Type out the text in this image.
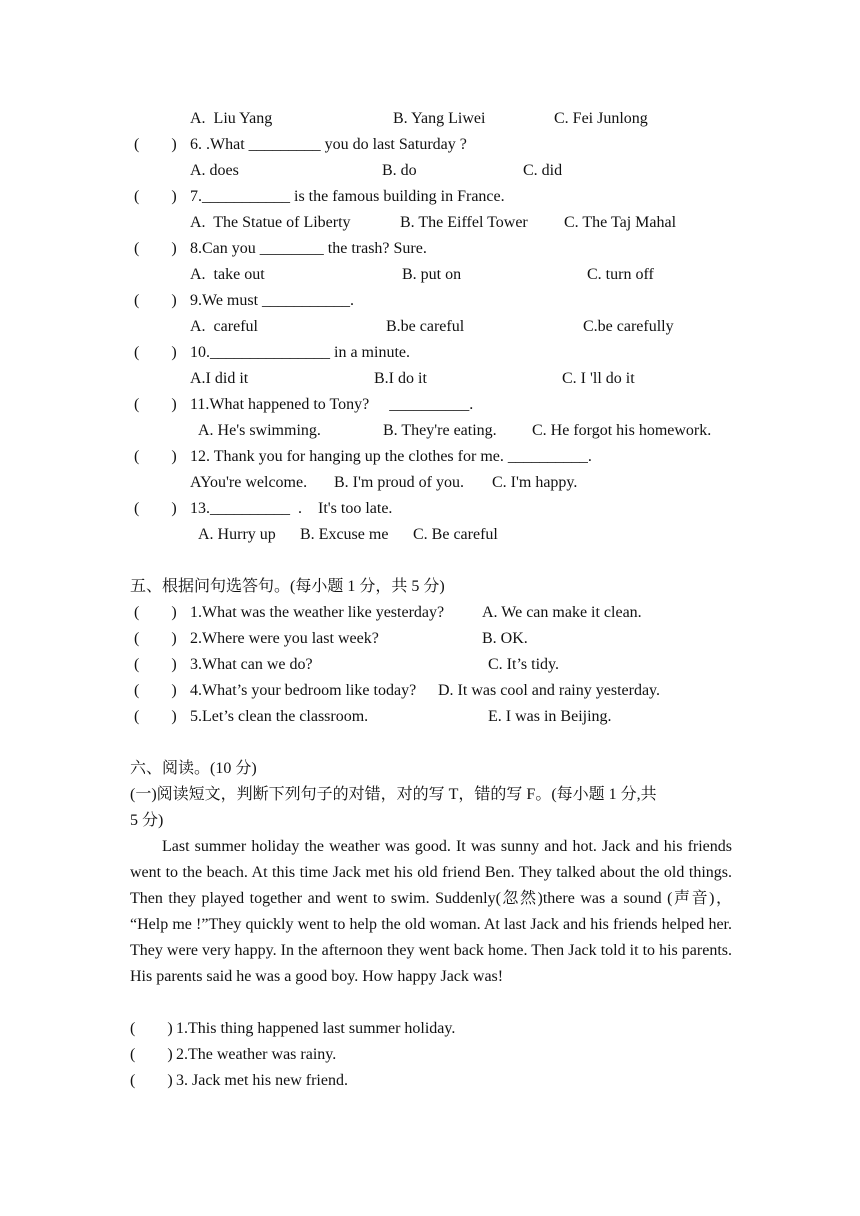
A.  Liu Yang	B. Yang Liwei	C. Fei Junlong
(        ) 6. .What _________ you do last Saturday ?
A. does	B. do	C. did
(        ) 7.___________ is the famous building in France.
A.  The Statue of Liberty	B. The Eiffel Tower C. The Taj Mahal
(        ) 8.Can you ________ the trash? Sure.
A.  take out	B. put on	C. turn off
(        ) 9.We must ___________.
A.  careful	B.be careful	C.be carefully
(        ) 10._______________ in a minute.
A.I did it	B.I do it	C. I 'll do it
(        ) 11.What happened to Tony?     __________.
A. He's swimming.	B. They're eating. C. He forgot his homework.
(        ) 12. Thank you for hanging up the clothes for me. __________.
AYou're welcome. B. I'm proud of you. C. I'm happy.
(        ) 13.__________  .    It's too late.
A. Hurry up B. Excuse me C. Be careful
五、根据问句选答句。(每小题 1 分，共 5 分)
(        ) 1.What was the weather like yesterday? A. We can make it clean.
(        ) 2.Where were you last week?	B. OK.
(        ) 3.What can we do?	C. It’s tidy.
(        ) 4.What’s your bedroom like today? D. It was cool and rainy yesterday.
(        ) 5.Let’s clean the classroom.	E. I was in Beijing.
六、阅读。(10 分)
(一)阅读短文，判断下列句子的对错，对的写 T，错的写 F。(每小题 1 分,共
5 分)
Last summer holiday the weather was good. It was sunny and hot. Jack and his friends went to the beach. At this time Jack met his old friend Ben. They talked about the old things. Then they played together and went to swim. Suddenly(忽然)there was a sound (声音)， “Help me !”They quickly went to help the old woman. At last Jack and his friends helped her. They were very happy. In the afternoon they went back home. Then Jack told it to his parents. His parents said he was a good boy. How happy Jack was!
(        ) 1.This thing happened last summer holiday.
(        ) 2.The weather was rainy.
(        ) 3. Jack met his new friend.
